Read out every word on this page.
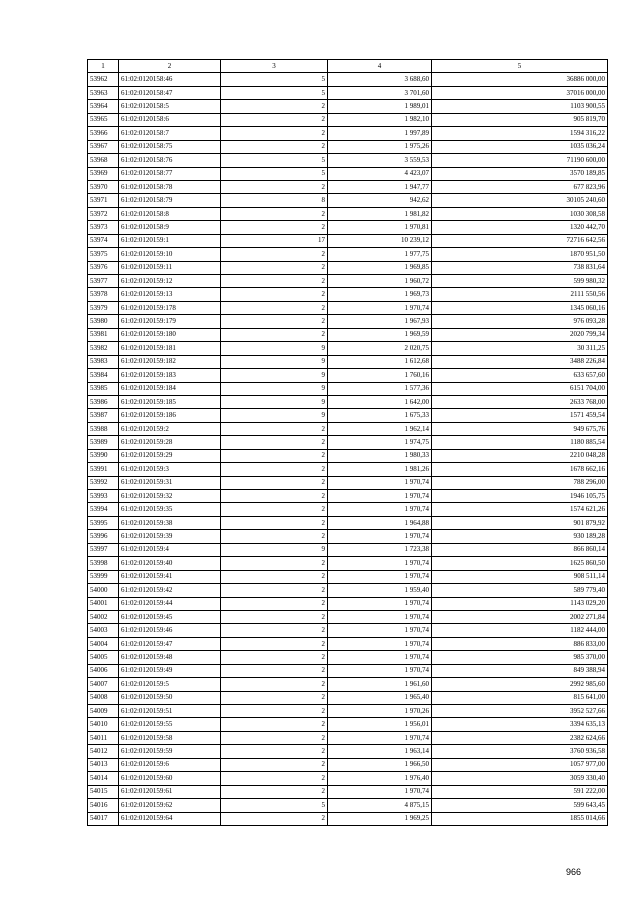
1	2	3	4	5
53962	61:02:0120158:46	5	3 688,60	36886 000,00
53963	61:02:0120158:47	5	3 701,60	37016 000,00
53964	61:02:0120158:5	2	1 989,01	1103 900,55
53965	61:02:0120158:6	2	1 982,10	905 819,70
53966	61:02:0120158:7	2	1 997,89	1594 316,22
53967	61:02:0120158:75	2	1 975,26	1035 036,24
53968	61:02:0120158:76	5	3 559,53	71190 600,00
53969	61:02:0120158:77	5	4 423,07	3570 189,85
53970	61:02:0120158:78	2	1 947,77	677 823,96
53971	61:02:0120158:79	8	942,62	30105 240,60
53972	61:02:0120158:8	2	1 981,82	1030 308,58
53973	61:02:0120158:9	2	1 970,81	1320 442,70
53974	61:02:0120159:1	17	10 239,12	72716 642,56
53975	61:02:0120159:10	2	1 977,75	1870 951,50
53976	61:02:0120159:11	2	1 969,85	738 831,64
53977	61:02:0120159:12	2	1 960,72	599 980,32
53978	61:02:0120159:13	2	1 969,73	2111 550,56
53979	61:02:0120159:178	2	1 970,74	1345 060,16
53980	61:02:0120159:179	2	1 967,93	976 093,28
53981	61:02:0120159:180	2	1 969,59	2020 799,34
53982	61:02:0120159:181	9	2 020,75	30 311,25
53983	61:02:0120159:182	9	1 612,68	3488 226,84
53984	61:02:0120159:183	9	1 760,16	633 657,60
53985	61:02:0120159:184	9	1 577,36	6151 704,00
53986	61:02:0120159:185	9	1 642,00	2633 768,00
53987	61:02:0120159:186	9	1 675,33	1571 459,54
53988	61:02:0120159:2	2	1 962,14	949 675,76
53989	61:02:0120159:28	2	1 974,75	1180 885,54
53990	61:02:0120159:29	2	1 980,33	2210 048,28
53991	61:02:0120159:3	2	1 981,26	1678 662,16
53992	61:02:0120159:31	2	1 970,74	788 296,00
53993	61:02:0120159:32	2	1 970,74	1946 105,75
53994	61:02:0120159:35	2	1 970,74	1574 621,26
53995	61:02:0120159:38	2	1 964,88	901 879,92
53996	61:02:0120159:39	2	1 970,74	930 189,28
53997	61:02:0120159:4	9	1 723,38	866 860,14
53998	61:02:0120159:40	2	1 970,74	1625 860,50
53999	61:02:0120159:41	2	1 970,74	908 511,14
54000	61:02:0120159:42	2	1 959,40	589 779,40
54001	61:02:0120159:44	2	1 970,74	1143 029,20
54002	61:02:0120159:45	2	1 970,74	2002 271,84
54003	61:02:0120159:46	2	1 970,74	1182 444,00
54004	61:02:0120159:47	2	1 970,74	886 833,00
54005	61:02:0120159:48	2	1 970,74	985 370,00
54006	61:02:0120159:49	2	1 970,74	849 388,94
54007	61:02:0120159:5	2	1 961,60	2992 985,60
54008	61:02:0120159:50	2	1 965,40	815 641,00
54009	61:02:0120159:51	2	1 970,26	3952 527,66
54010	61:02:0120159:55	2	1 956,01	3394 635,13
54011	61:02:0120159:58	2	1 970,74	2382 624,66
54012	61:02:0120159:59	2	1 963,14	3760 936,58
54013	61:02:0120159:6	2	1 966,50	1057 977,00
54014	61:02:0120159:60	2	1 976,40	3059 330,40
54015	61:02:0120159:61	2	1 970,74	591 222,00
54016	61:02:0120159:62	5	4 875,15	599 643,45
54017	61:02:0120159:64	2	1 969,25	1855 014,66
966
